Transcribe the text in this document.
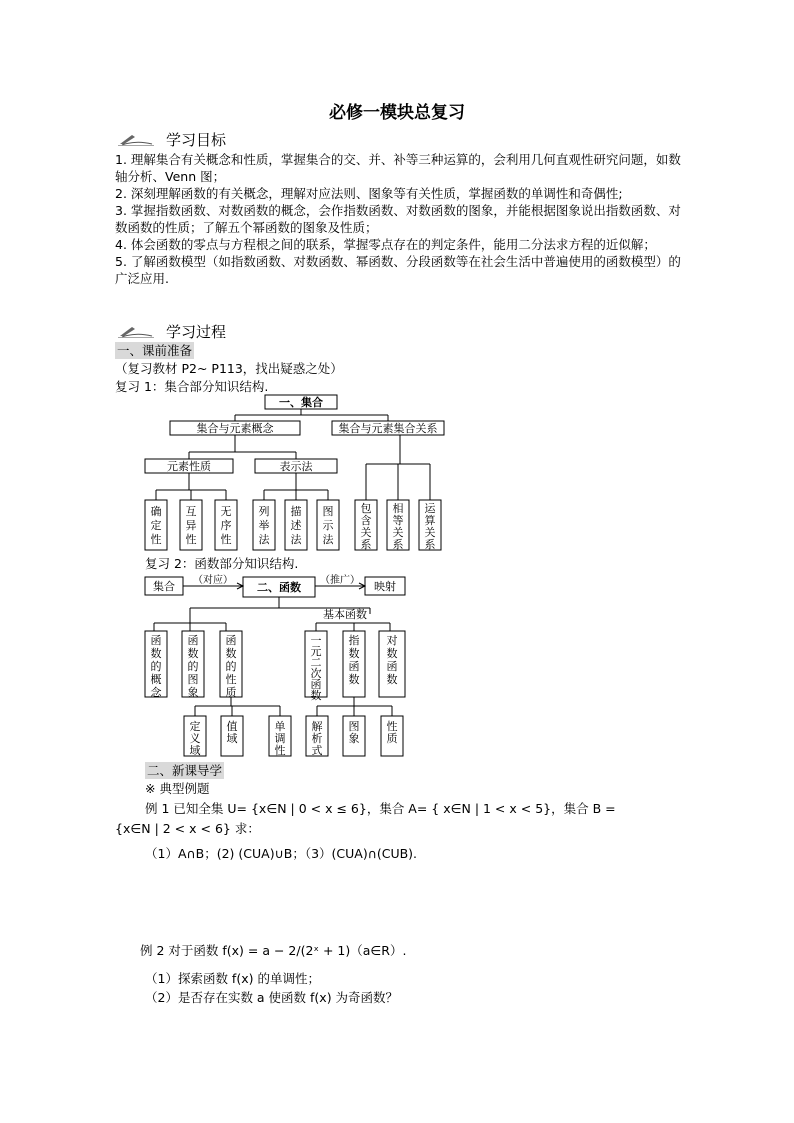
必修一模块总复习
学习目标

1. 理解集合有关概念和性质，掌握集合的交、并、补等三种运算的，会利用几何直观性研究问题，如数轴分析、Venn 图；

2. 深刻理解函数的有关概念，理解对应法则、图象等有关性质，掌握函数的单调性和奇偶性;

3. 掌握指数函数、对数函数的概念，会作指数函数、对数函数的图象，并能根据图象说出指数函数、对数函数的性质；了解五个幂函数的图象及性质；

4. 体会函数的零点与方程根之间的联系，掌握零点存在的判定条件，能用二分法求方程的近似解；

5. 了解函数模型（如指数函数、对数函数、幂函数、分段函数等在社会生活中普遍使用的函数模型）的广泛应用.

学习过程
一、课前准备
（复习教材 P2~ P113，找出疑惑之处）
复习 1：集合部分知识结构.
一、集合
集合与元素概念	集合与元素集合关系
元素性质	表示法
确定性
互异性
无序性
列举法
描述法
图示法
包含关系
相等关系
运算关系
复习 2：函数部分知识结构.
集合 （对应）
二、函数
（推广） 映射
基本函数
函数的概念
函数的图象
函数的性质
一元二次函数
指数函数
对数函数
定义域
值域
单调性
解析式
图象
性质
二、新课导学
※ 典型例题
例 1 已知全集 U= {x∈N | 0 < x ≤ 6}，集合 A= { x∈N | 1 < x < 5}，集合 B =
{x∈N | 2 < x < 6} 求：
（1）A∩B；(2) (CUA)∪B；（3）(CUA)∩(CUB).
例 2 对于函数 f(x) = a − 2/(2ˣ + 1)（a∈R）.
（1）探索函数 f(x) 的单调性；
（2）是否存在实数 a 使函数 f(x) 为奇函数？
